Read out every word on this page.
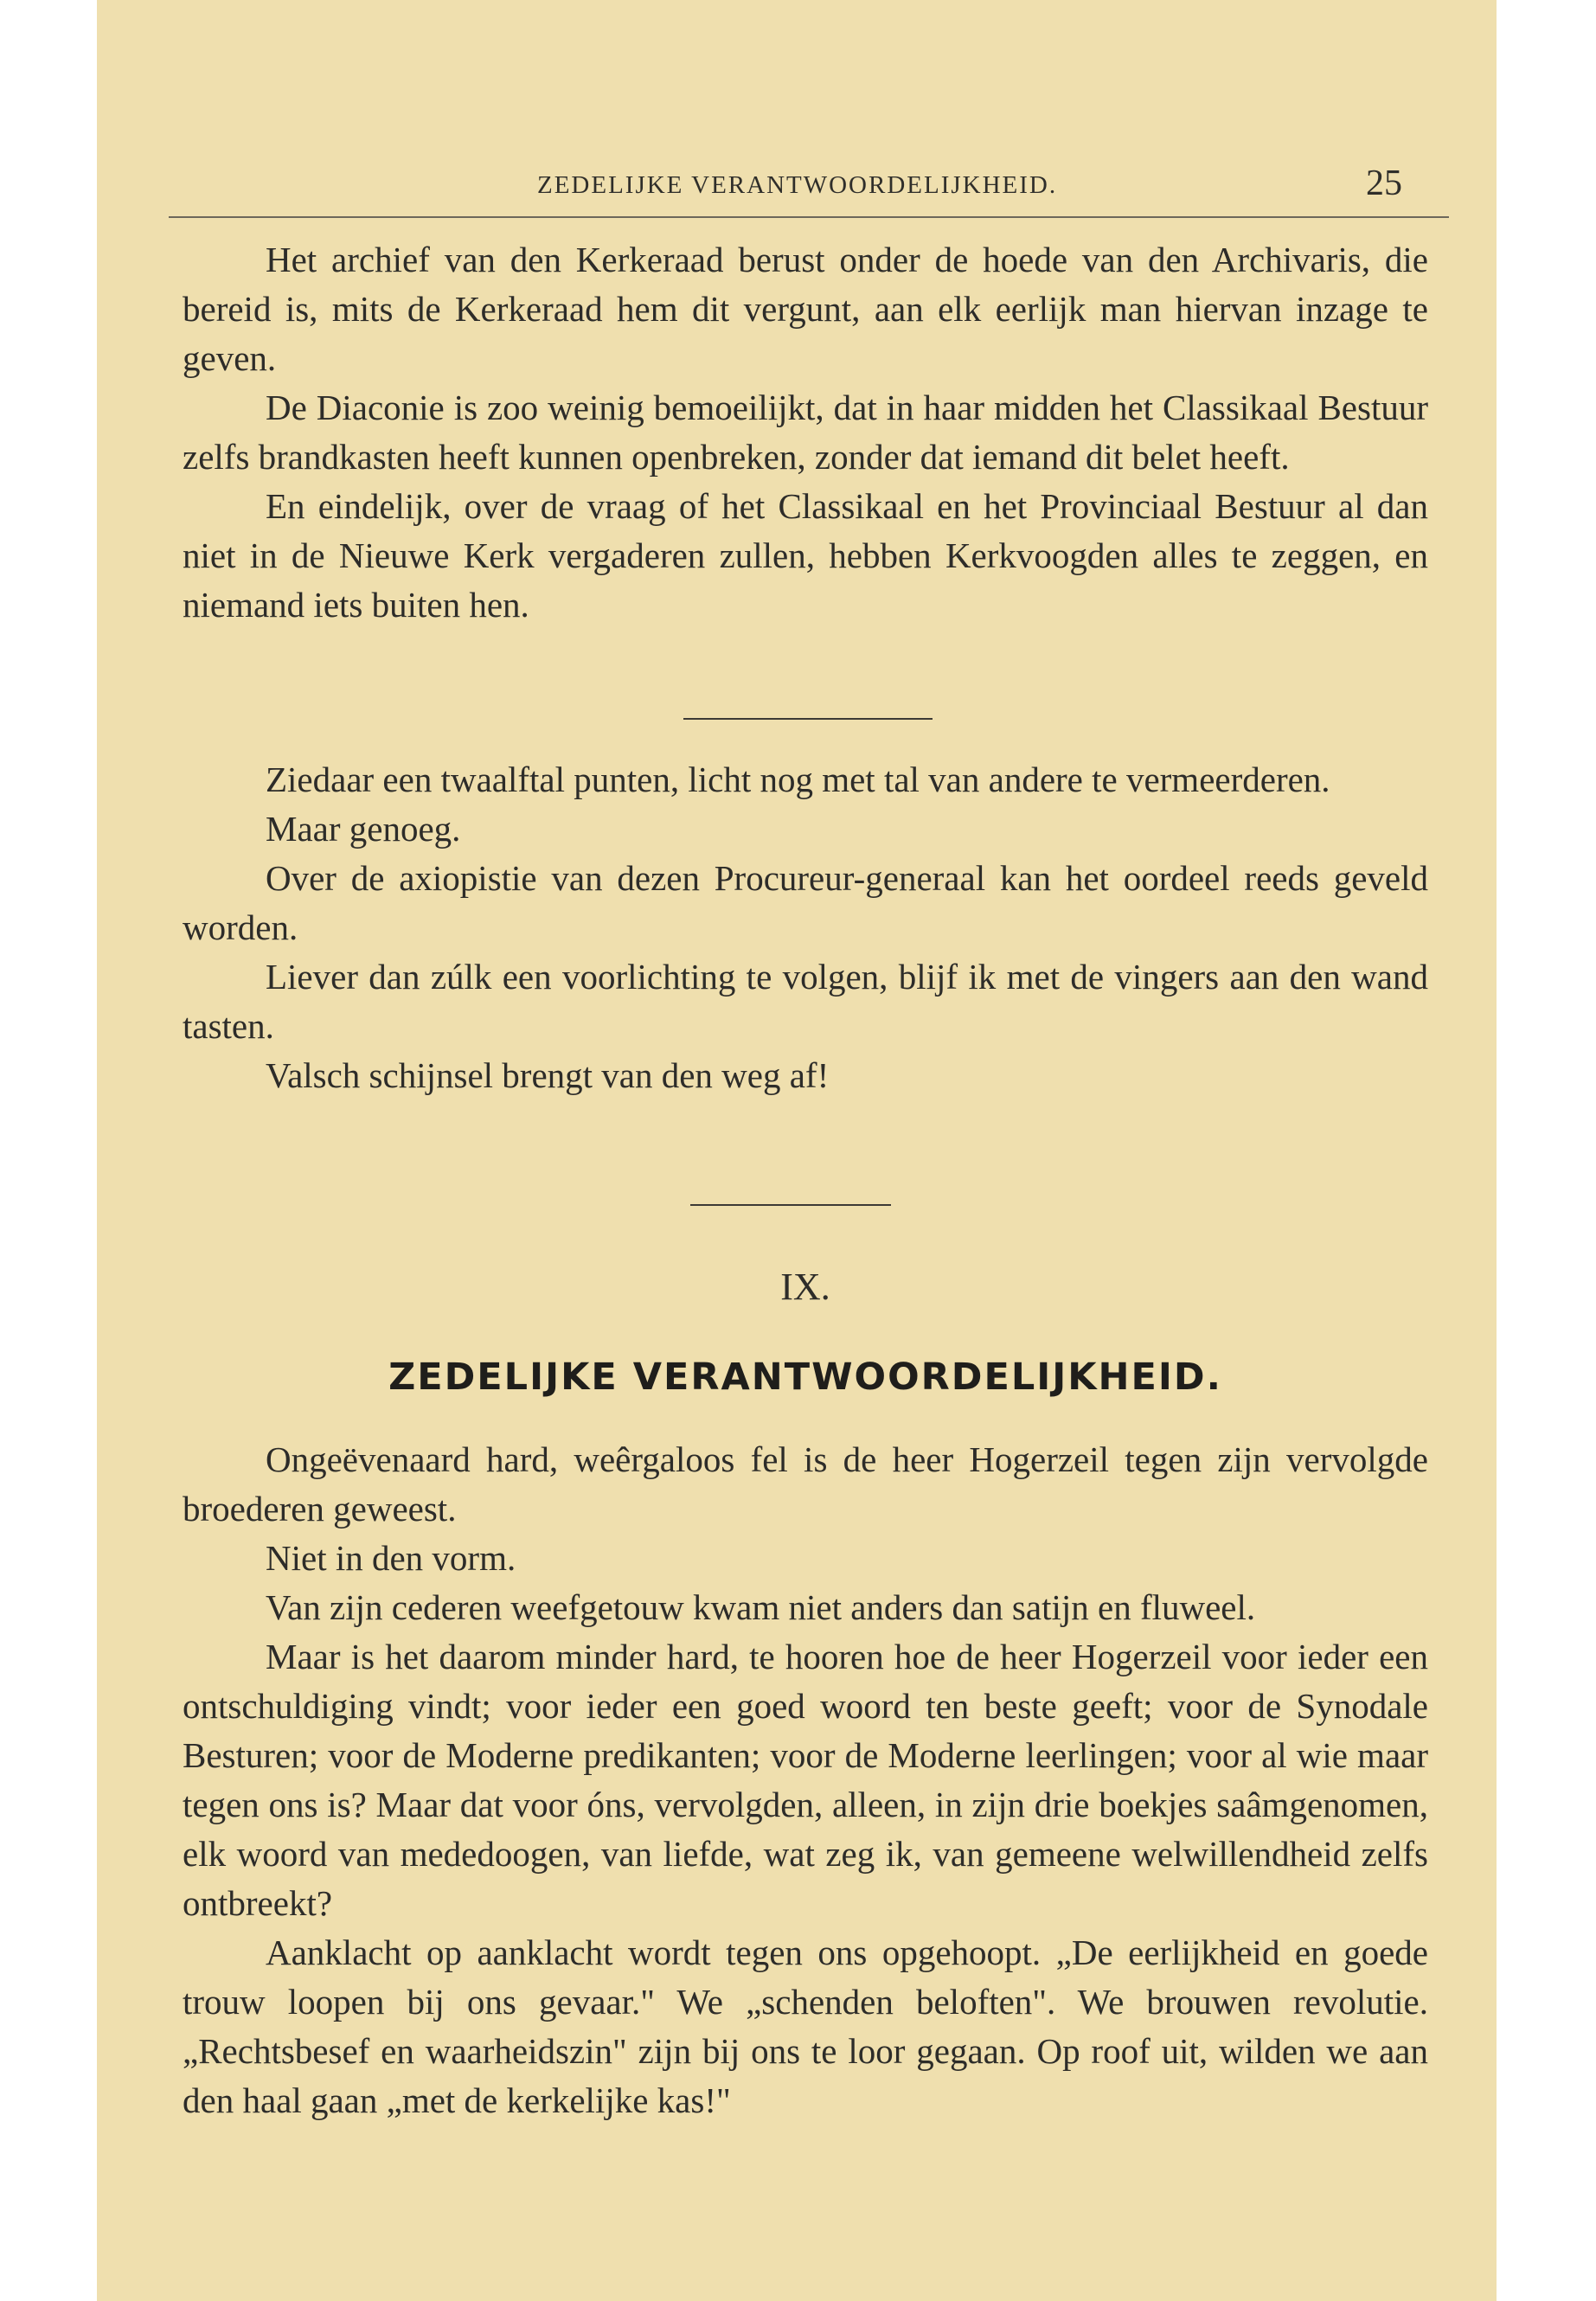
ZEDELIJKE VERANTWOORDELIJKHEID.	25

Het archief van den Kerkeraad berust onder de hoede van den Archivaris, die bereid is, mits de Kerkeraad hem dit vergunt, aan elk eerlijk man hiervan inzage te geven.

De Diaconie is zoo weinig bemoeilijkt, dat in haar midden het Classikaal Bestuur zelfs brandkasten heeft kunnen openbreken, zonder dat iemand dit belet heeft.

En eindelijk, over de vraag of het Classikaal en het Provinciaal Bestuur al dan niet in de Nieuwe Kerk vergaderen zullen, hebben Kerkvoogden alles te zeggen, en niemand iets buiten hen.

Ziedaar een twaalftal punten, licht nog met tal van andere te vermeerderen.

Maar genoeg.

Over de axiopistie van dezen Procureur-generaal kan het oordeel reeds geveld worden.

Liever dan zúlk een voorlichting te volgen, blijf ik met de vingers aan den wand tasten.

Valsch schijnsel brengt van den weg af!

IX.
ZEDELIJKE VERANTWOORDELIJKHEID.

Ongeëvenaard hard, weêrgaloos fel is de heer Hogerzeil tegen zijn vervolgde broederen geweest.

Niet in den vorm.

Van zijn cederen weefgetouw kwam niet anders dan satijn en fluweel.

Maar is het daarom minder hard, te hooren hoe de heer Hogerzeil voor ieder een ontschuldiging vindt; voor ieder een goed woord ten beste geeft; voor de Synodale Besturen; voor de Moderne predikanten; voor de Moderne leerlingen; voor al wie maar tegen ons is? Maar dat voor óns, vervolgden, alleen, in zijn drie boekjes saâmgenomen, elk woord van mededoogen, van liefde, wat zeg ik, van gemeene welwillendheid zelfs ontbreekt?

Aanklacht op aanklacht wordt tegen ons opgehoopt. „De eerlijkheid en goede trouw loopen bij ons gevaar." We „schenden beloften". We brouwen revolutie. „Rechtsbesef en waarheidszin" zijn bij ons te loor gegaan. Op roof uit, wilden we aan den haal gaan „met de kerkelijke kas!"
